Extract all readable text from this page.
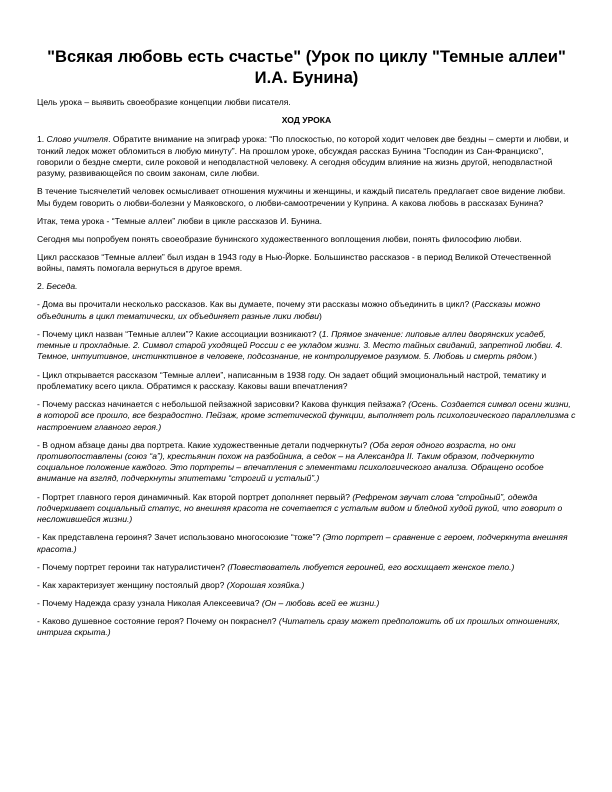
"Всякая любовь есть счастье" (Урок по циклу "Темные аллеи" И.А. Бунина)
Цель урока – выявить своеобразие концепции любви писателя.
ХОД УРОКА
1. Слово учителя. Обратите внимание на эпиграф урока: “По плоскостью, по которой ходит человек две бездны – смерти и любви, и тонкий ледок может обломиться в любую минуту”. На прошлом уроке, обсуждая рассказ Бунина “Господин из Сан-Франциско”, говорили о бездне смерти, силе роковой и неподвластной человеку. А сегодня обсудим влияние на жизнь другой, неподвластной разуму, развивающейся по своим законам, силе любви.
В течение тысячелетий человек осмысливает отношения мужчины и женщины, и каждый писатель предлагает свое видение любви. Мы будем говорить о любви-болезни у Маяковского, о любви-самоотречении у Куприна. А какова любовь в рассказах Бунина?
Итак, тема урока - “Темные аллеи” любви в цикле рассказов И. Бунина.
Сегодня мы попробуем понять своеобразие бунинского художественного воплощения любви, понять философию любви.
Цикл рассказов “Темные аллеи” был издан в 1943 году в Нью-Йорке. Большинство рассказов - в период Великой Отечественной войны, память помогала вернуться в другое время.
2. Беседа.
- Дома вы прочитали несколько рассказов. Как вы думаете, почему эти рассказы можно объединить в цикл? (Рассказы можно объединить в цикл тематически, их объединяет разные лики любви)
- Почему цикл назван “Темные аллеи”? Какие ассоциации возникают? (1. Прямое значение: липовые аллеи дворянских усадеб, темные и прохладные. 2. Символ старой уходящей России с ее укладом жизни. 3. Место тайных свиданий, запретной любви. 4. Темное, интуитивное, инстинктивное в человеке, подсознание, не контролируемое разумом. 5. Любовь и смерть рядом.)
- Цикл открывается рассказом “Темные аллеи”, написанным в 1938 году. Он задает общий эмоциональный настрой, тематику и проблематику всего цикла. Обратимся к рассказу. Каковы ваши впечатления?
- Почему рассказ начинается с небольшой пейзажной зарисовки? Какова функция пейзажа? (Осень. Создается символ осени жизни, в которой все прошло, все безрадостно. Пейзаж, кроме эстетической функции, выполняет роль психологического параллелизма с настроением главного героя.)
- В одном абзаце даны два портрета. Какие художественные детали подчеркнуты? (Оба героя одного возраста, но они противопоставлены (союз “а”), крестьянин похож на разбойника, а седок – на Александра II. Таким образом, подчеркнуто социальное положение каждого. Это портреты – впечатления с элементами психологического анализа. Обращено особое внимание на взгляд, подчеркнуты эпитетами “строгий и усталый”.)
- Портрет главного героя динамичный. Как второй портрет дополняет первый? (Рефреном звучат слова “стройный”, одежда подчеркивает социальный статус, но внешняя красота не сочетается с усталым видом и бледной худой рукой, что говорит о несложившейся жизни.)
- Как представлена героиня? Зачет использовано многосоюзие “тоже”? (Это портрет – сравнение с героем, подчеркнута внешняя красота.)
- Почему портрет героини так натуралистичен? (Повествователь любуется героиней, его восхищает женское тело.)
- Как характеризует женщину постоялый двор? (Хорошая хозяйка.)
- Почему Надежда сразу узнала Николая Алексеевича? (Он – любовь всей ее жизни.)
- Каково душевное состояние героя? Почему он покраснел? (Читатель сразу может предположить об их прошлых отношениях, интрига скрыта.)
